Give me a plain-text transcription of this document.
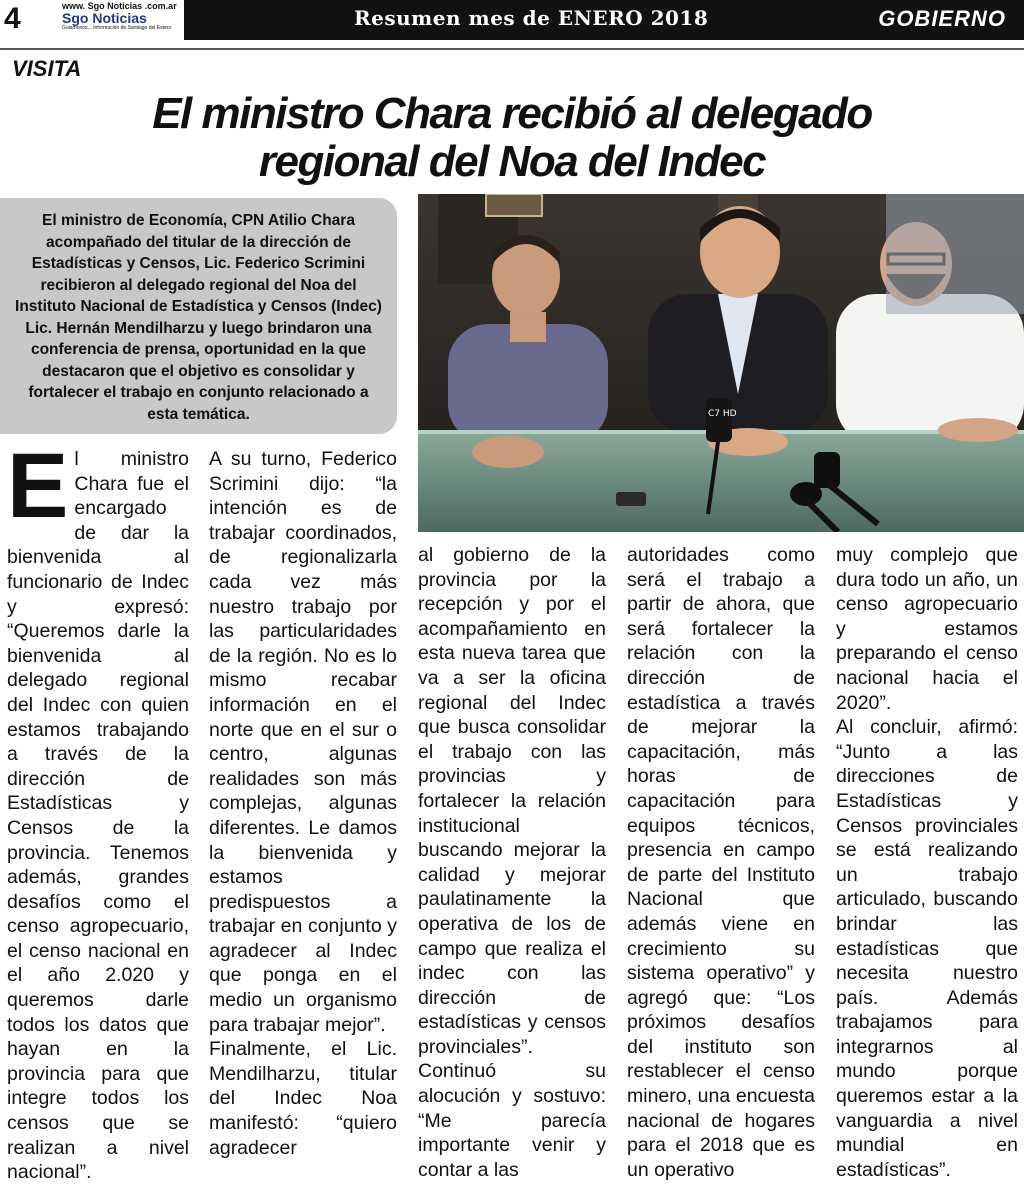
4	www. Sgo Noticias .com.ar
Sgo Noticias
Guiamonos... Información de Santiago del Estero	Resumen mes de ENERO 2018	GOBIERNO
VISITA
El ministro Chara recibió al delegado regional del Noa del Indec
El ministro de Economía, CPN Atilio Chara acompañado del titular de la dirección de Estadísticas y Censos, Lic. Federico Scrimini recibieron al delegado regional del Noa del Instituto Nacional de Estadística y Censos (Indec) Lic. Hernán Mendilharzu y luego brindaron una conferencia de prensa, oportunidad en la que destacaron que el objetivo es consolidar y fortalecer el trabajo en conjunto relacionado a esta temática.	C7 HD

El ministro Chara fue el encargado de dar la bienvenida al funcionario de Indec y expresó: “Queremos darle la bienvenida al delegado regional del Indec con quien estamos trabajando a través de la dirección de Estadísticas y Censos de la provincia. Tenemos además, grandes desafíos como el censo agropecuario, el censo nacional en el año 2.020 y queremos darle todos los datos que hayan en la provincia para que integre todos los censos que se realizan a nivel nacional”.

A su turno, Federico Scrimini dijo: “la intención es de trabajar coordinados, de regionalizarla cada vez más nuestro trabajo por las particularidades de la región. No es lo mismo recabar información en el norte que en el sur o centro, algunas realidades son más complejas, algunas diferentes. Le damos la bienvenida y estamos predispuestos a trabajar en conjunto y agradecer al Indec que ponga en el medio un organismo para trabajar mejor”.

Finalmente, el Lic. Mendilharzu, titular del Indec Noa manifestó: “quiero agradecer

al gobierno de la provincia por la recepción y por el acompañamiento en esta nueva tarea que va a ser la oficina regional del Indec que busca consolidar el trabajo con las provincias y fortalecer la relación institucional buscando mejorar la calidad y mejorar paulatinamente la operativa de los de campo que realiza el indec con las dirección de estadísticas y censos provinciales”.

Continuó su alocución y sostuvo: “Me parecía importante venir y contar a las

autoridades como será el trabajo a partir de ahora, que será fortalecer la relación con la dirección de estadística a través de mejorar la capacitación, más horas de capacitación para equipos técnicos, presencia en campo de parte del Instituto Nacional que además viene en crecimiento su sistema operativo” y agregó que: “Los próximos desafíos del instituto son restablecer el censo minero, una encuesta nacional de hogares para el 2018 que es un operativo

muy complejo que dura todo un año, un censo agropecuario y estamos preparando el censo nacional hacia el 2020”.

Al concluir, afirmó: “Junto a las direcciones de Estadísticas y Censos provinciales se está realizando un trabajo articulado, buscando brindar las estadísticas que necesita nuestro país. Además trabajamos para integrarnos al mundo porque queremos estar a la vanguardia a nivel mundial en estadísticas”.
